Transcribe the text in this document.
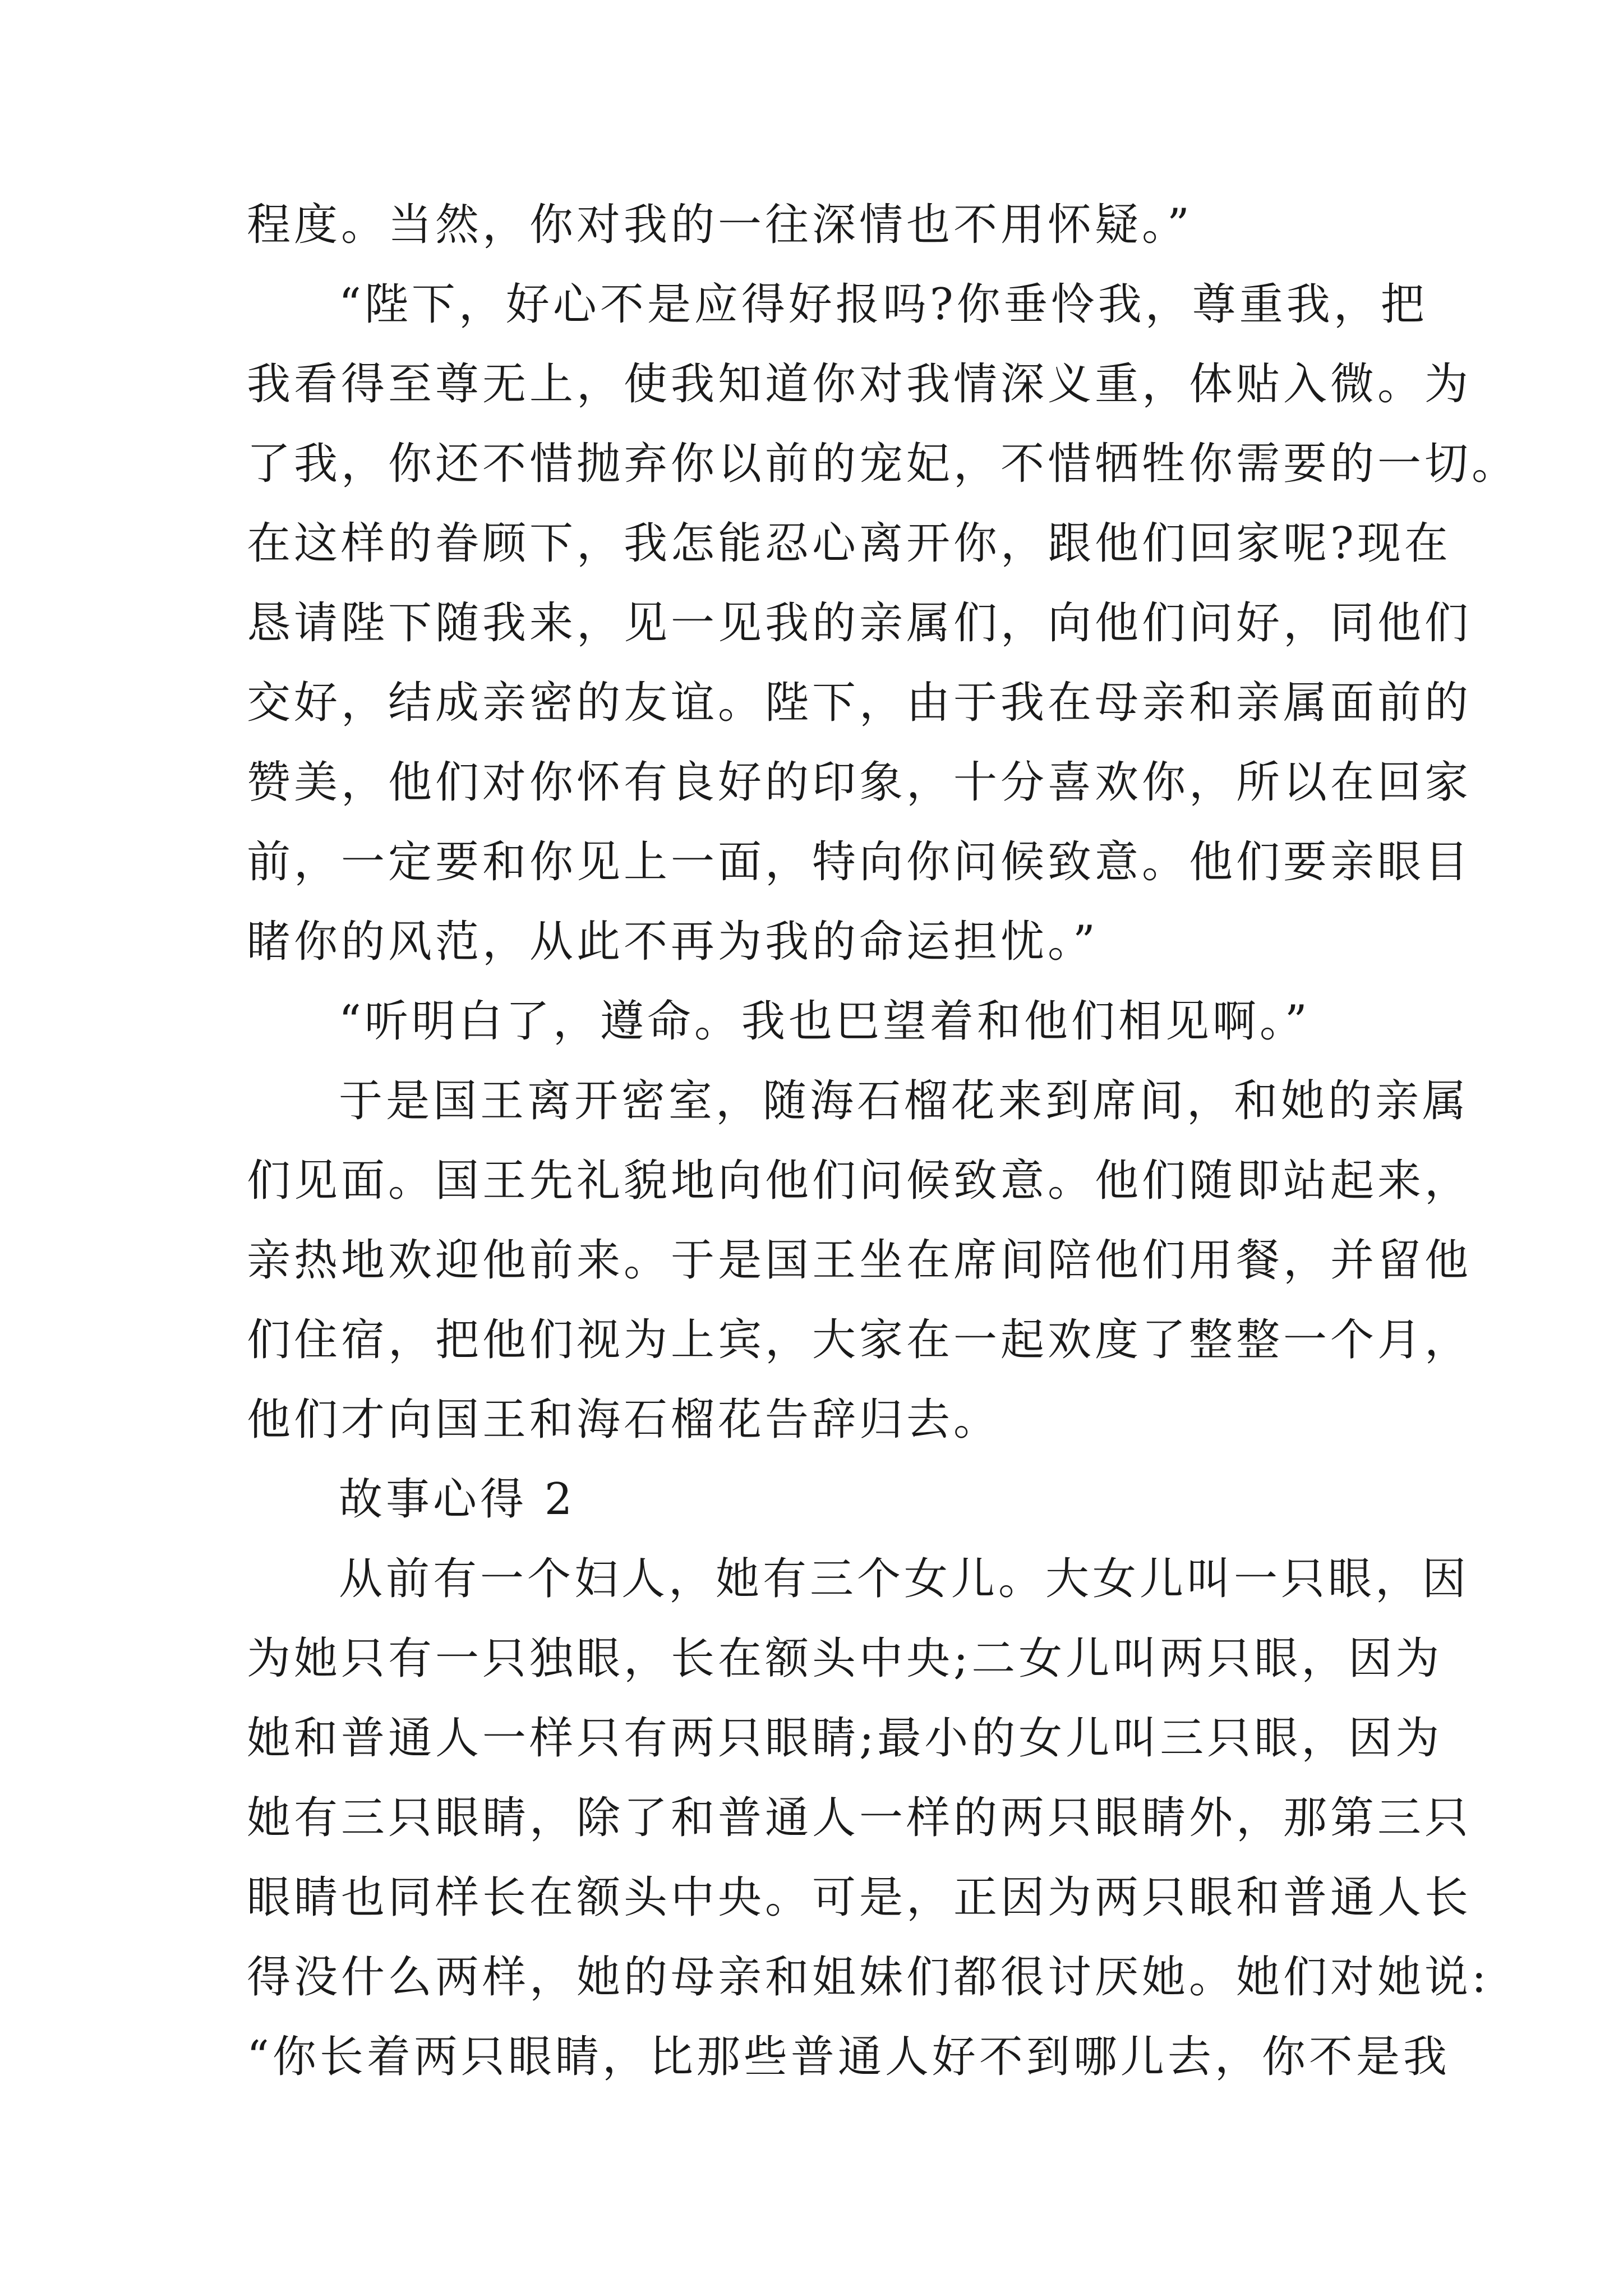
程度。当然，你对我的一往深情也不用怀疑。”
“陛下，好心不是应得好报吗?你垂怜我，尊重我，把
我看得至尊无上，使我知道你对我情深义重，体贴入微。为
了我，你还不惜抛弃你以前的宠妃，不惜牺牲你需要的一切。
在这样的眷顾下，我怎能忍心离开你，跟他们回家呢?现在
恳请陛下随我来，见一见我的亲属们，向他们问好，同他们
交好，结成亲密的友谊。陛下，由于我在母亲和亲属面前的
赞美，他们对你怀有良好的印象，十分喜欢你，所以在回家
前，一定要和你见上一面，特向你问候致意。他们要亲眼目
睹你的风范，从此不再为我的命运担忧。”
“听明白了，遵命。我也巴望着和他们相见啊。”
于是国王离开密室，随海石榴花来到席间，和她的亲属
们见面。国王先礼貌地向他们问候致意。他们随即站起来，
亲热地欢迎他前来。于是国王坐在席间陪他们用餐，并留他
们住宿，把他们视为上宾，大家在一起欢度了整整一个月，
他们才向国王和海石榴花告辞归去。
故事心得 2
从前有一个妇人，她有三个女儿。大女儿叫一只眼，因
为她只有一只独眼，长在额头中央;二女儿叫两只眼，因为
她和普通人一样只有两只眼睛;最小的女儿叫三只眼，因为
她有三只眼睛，除了和普通人一样的两只眼睛外，那第三只
眼睛也同样长在额头中央。可是，正因为两只眼和普通人长
得没什么两样，她的母亲和姐妹们都很讨厌她。她们对她说:
“你长着两只眼睛，比那些普通人好不到哪儿去，你不是我
